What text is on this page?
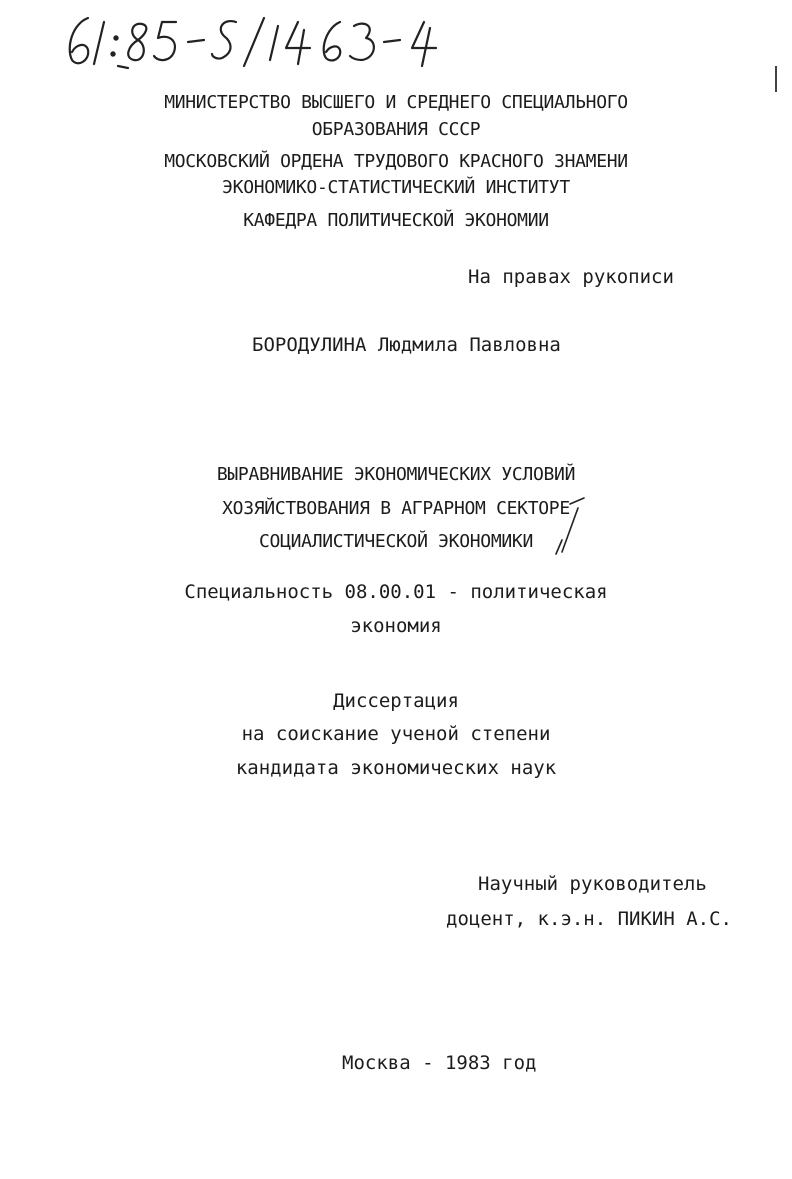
МИНИСТЕРСТВО ВЫСШЕГО И СРЕДНЕГО СПЕЦИАЛЬНОГО
ОБРАЗОВАНИЯ СССР
МОСКОВСКИЙ ОРДЕНА ТРУДОВОГО КРАСНОГО ЗНАМЕНИ
ЭКОНОМИКО-СТАТИСТИЧЕСКИЙ ИНСТИТУТ
КАФЕДРА ПОЛИТИЧЕСКОЙ ЭКОНОМИИ
На правах рукописи
БОРОДУЛИНА Людмила Павловна
ВЫРАВНИВАНИЕ ЭКОНОМИЧЕСКИХ УСЛОВИЙ
ХОЗЯЙСТВОВАНИЯ В АГРАРНОМ СЕКТОРЕ
СОЦИАЛИСТИЧЕСКОЙ ЭКОНОМИКИ
Специальность 08.00.01 - политическая
экономия
Диссертация
на соискание ученой степени
кандидата экономических наук
Научный руководитель
доцент, к.э.н. ПИКИН А.С.
Москва - 1983 год
